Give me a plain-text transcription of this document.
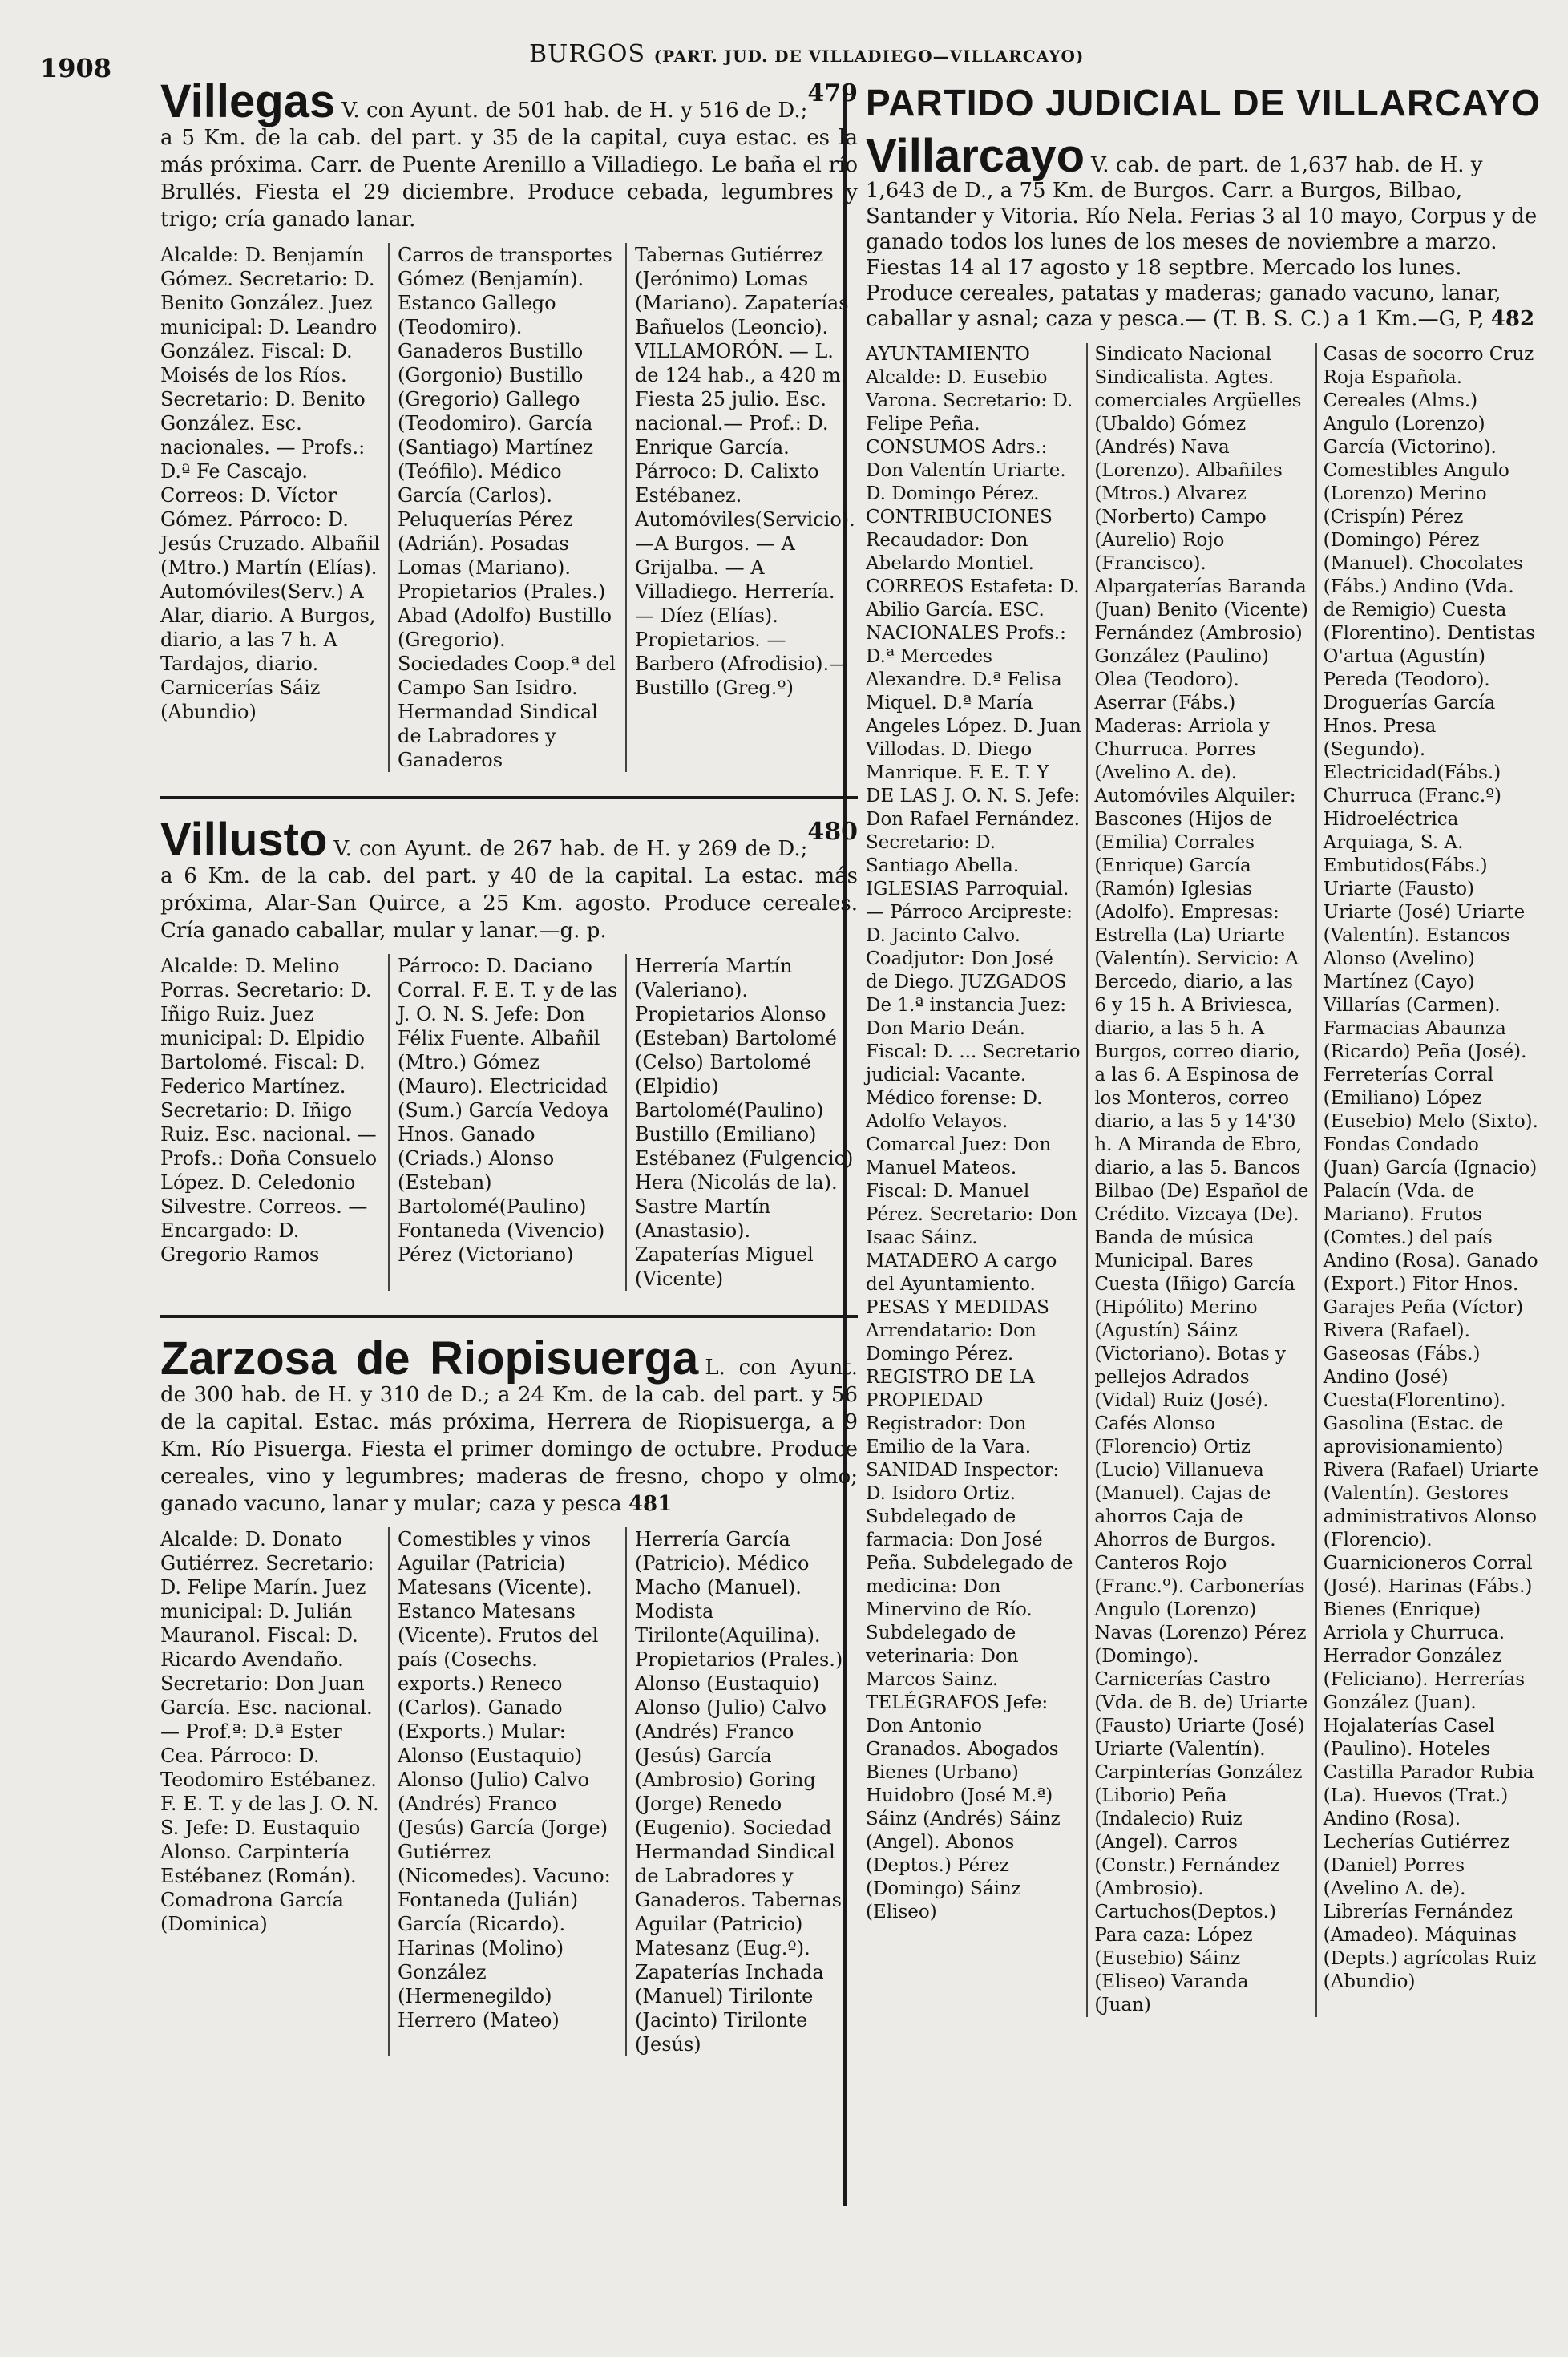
1908	BURGOS (PART. JUD. DE VILLADIEGO—VILLARCAYO)
479
Villegas V. con Ayunt. de 501 hab. de H. y 516 de D.; a 5 Km. de la cab. del part. y 35 de la capital, cuya estac. es la más próxima. Carr. de Puente Arenillo a Villadiego. Le baña el río Brullés. Fiesta el 29 diciembre. Produce cebada, legumbres y trigo; cría ganado lanar.
Alcalde: D. Benjamín Gómez. Secretario: D. Benito González. Juez municipal: D. Leandro González. Fiscal: D. Moisés de los Ríos. Secretario: D. Benito González. Esc. nacionales. — Profs.: D.ª Fe Cascajo. Correos: D. Víctor Gómez. Párroco: D. Jesús Cruzado. Albañil (Mtro.) Martín (Elías). Automóviles(Serv.) A Alar, diario. A Burgos, diario, a las 7 h. A Tardajos, diario. Carnicerías Sáiz (Abundio)
Carros de transportes Gómez (Benjamín). Estanco Gallego (Teodomiro). Ganaderos Bustillo (Gorgonio) Bustillo (Gregorio) Gallego (Teodomiro). García (Santiago) Martínez (Teófilo). Médico García (Carlos). Peluquerías Pérez (Adrián). Posadas Lomas (Mariano). Propietarios (Prales.) Abad (Adolfo) Bustillo (Gregorio). Sociedades Coop.ª del Campo San Isidro. Hermandad Sindical de Labradores y Ganaderos
Tabernas Gutiérrez (Jerónimo) Lomas (Mariano). Zapaterías Bañuelos (Leoncio). VILLAMORÓN. — L. de 124 hab., a 420 m. Fiesta 25 julio. Esc. nacional.— Prof.: D. Enrique García. Párroco: D. Calixto Estébanez. Automóviles(Servicio).—A Burgos. — A Grijalba. — A Villadiego. Herrería. — Díez (Elías). Propietarios. — Barbero (Afrodisio).—Bustillo (Greg.º)
480
Villusto V. con Ayunt. de 267 hab. de H. y 269 de D.; a 6 Km. de la cab. del part. y 40 de la capital. La estac. más próxima, Alar-San Quirce, a 25 Km. agosto. Produce cereales. Cría ganado caballar, mular y lanar.—g. p.
Alcalde: D. Melino Porras. Secretario: D. Iñigo Ruiz. Juez municipal: D. Elpidio Bartolomé. Fiscal: D. Federico Martínez. Secretario: D. Iñigo Ruiz. Esc. nacional. — Profs.: Doña Consuelo López. D. Celedonio Silvestre. Correos. — Encargado: D. Gregorio Ramos
Párroco: D. Daciano Corral. F. E. T. y de las J. O. N. S. Jefe: Don Félix Fuente. Albañil (Mtro.) Gómez (Mauro). Electricidad (Sum.) García Vedoya Hnos. Ganado (Criads.) Alonso (Esteban) Bartolomé(Paulino) Fontaneda (Vivencio) Pérez (Victoriano)
Herrería Martín (Valeriano). Propietarios Alonso (Esteban) Bartolomé (Celso) Bartolomé (Elpidio) Bartolomé(Paulino) Bustillo (Emiliano) Estébanez (Fulgencio) Hera (Nicolás de la). Sastre Martín (Anastasio). Zapaterías Miguel (Vicente)
Zarzosa de Riopisuerga L. con Ayunt. de 300 hab. de H. y 310 de D.; a 24 Km. de la cab. del part. y 56 de la capital. Estac. más próxima, Herrera de Riopisuerga, a 9 Km. Río Pisuerga. Fiesta el primer domingo de octubre. Produce cereales, vino y legumbres; maderas de fresno, chopo y olmo; ganado vacuno, lanar y mular; caza y pesca 481
Alcalde: D. Donato Gutiérrez. Secretario: D. Felipe Marín. Juez municipal: D. Julián Mauranol. Fiscal: D. Ricardo Avendaño. Secretario: Don Juan García. Esc. nacional. — Prof.ª: D.ª Ester Cea. Párroco: D. Teodomiro Estébanez. F. E. T. y de las J. O. N. S. Jefe: D. Eustaquio Alonso. Carpintería Estébanez (Román). Comadrona García (Dominica)
Comestibles y vinos Aguilar (Patricia) Matesans (Vicente). Estanco Matesans (Vicente). Frutos del país (Cosechs. exports.) Reneco (Carlos). Ganado (Exports.) Mular: Alonso (Eustaquio) Alonso (Julio) Calvo (Andrés) Franco (Jesús) García (Jorge) Gutiérrez (Nicomedes). Vacuno: Fontaneda (Julián) García (Ricardo). Harinas (Molino) González (Hermenegildo) Herrero (Mateo)
Herrería García (Patricio). Médico Macho (Manuel). Modista Tirilonte(Aquilina). Propietarios (Prales.) Alonso (Eustaquio) Alonso (Julio) Calvo (Andrés) Franco (Jesús) García (Ambrosio) Goring (Jorge) Renedo (Eugenio). Sociedad Hermandad Sindical de Labradores y Ganaderos. Tabernas Aguilar (Patricio) Matesanz (Eug.º). Zapaterías Inchada (Manuel) Tirilonte (Jacinto) Tirilonte (Jesús)
PARTIDO JUDICIAL DE VILLARCAYO
Villarcayo V. cab. de part. de 1,637 hab. de H. y 1,643 de D., a 75 Km. de Burgos. Carr. a Burgos, Bilbao, Santander y Vitoria. Río Nela. Ferias 3 al 10 mayo, Corpus y de ganado todos los lunes de los meses de noviembre a marzo. Fiestas 14 al 17 agosto y 18 septbre. Mercado los lunes. Produce cereales, patatas y maderas; ganado vacuno, lanar, caballar y asnal; caza y pesca.— (T. B. S. C.) a 1 Km.—G, P, 482
AYUNTAMIENTO Alcalde: D. Eusebio Varona. Secretario: D. Felipe Peña. CONSUMOS Adrs.: Don Valentín Uriarte. D. Domingo Pérez. CONTRIBUCIONES Recaudador: Don Abelardo Montiel. CORREOS Estafeta: D. Abilio García. ESC. NACIONALES Profs.: D.ª Mercedes Alexandre. D.ª Felisa Miquel. D.ª María Angeles López. D. Juan Villodas. D. Diego Manrique. F. E. T. Y DE LAS J. O. N. S. Jefe: Don Rafael Fernández. Secretario: D. Santiago Abella. IGLESIAS Parroquial. — Párroco Arcipreste: D. Jacinto Calvo. Coadjutor: Don José de Diego. JUZGADOS De 1.ª instancia Juez: Don Mario Deán. Fiscal: D. ... Secretario judicial: Vacante. Médico forense: D. Adolfo Velayos. Comarcal Juez: Don Manuel Mateos. Fiscal: D. Manuel Pérez. Secretario: Don Isaac Sáinz. MATADERO A cargo del Ayuntamiento. PESAS Y MEDIDAS Arrendatario: Don Domingo Pérez. REGISTRO DE LA PROPIEDAD Registrador: Don Emilio de la Vara. SANIDAD Inspector: D. Isidoro Ortiz. Subdelegado de farmacia: Don José Peña. Subdelegado de medicina: Don Minervino de Río. Subdelegado de veterinaria: Don Marcos Sainz. TELÉGRAFOS Jefe: Don Antonio Granados. Abogados Bienes (Urbano) Huidobro (José M.ª) Sáinz (Andrés) Sáinz (Angel). Abonos (Deptos.) Pérez (Domingo) Sáinz (Eliseo)
Sindicato Nacional Sindicalista. Agtes. comerciales Argüelles (Ubaldo) Gómez (Andrés) Nava (Lorenzo). Albañiles (Mtros.) Alvarez (Norberto) Campo (Aurelio) Rojo (Francisco). Alpargaterías Baranda (Juan) Benito (Vicente) Fernández (Ambrosio) González (Paulino) Olea (Teodoro). Aserrar (Fábs.) Maderas: Arriola y Churruca. Porres (Avelino A. de). Automóviles Alquiler: Bascones (Hijos de (Emilia) Corrales (Enrique) García (Ramón) Iglesias (Adolfo). Empresas: Estrella (La) Uriarte (Valentín). Servicio: A Bercedo, diario, a las 6 y 15 h. A Briviesca, diario, a las 5 h. A Burgos, correo diario, a las 6. A Espinosa de los Monteros, correo diario, a las 5 y 14'30 h. A Miranda de Ebro, diario, a las 5. Bancos Bilbao (De) Español de Crédito. Vizcaya (De). Banda de música Municipal. Bares Cuesta (Iñigo) García (Hipólito) Merino (Agustín) Sáinz (Victoriano). Botas y pellejos Adrados (Vidal) Ruiz (José). Cafés Alonso (Florencio) Ortiz (Lucio) Villanueva (Manuel). Cajas de ahorros Caja de Ahorros de Burgos. Canteros Rojo (Franc.º). Carbonerías Angulo (Lorenzo) Navas (Lorenzo) Pérez (Domingo). Carnicerías Castro (Vda. de B. de) Uriarte (Fausto) Uriarte (José) Uriarte (Valentín). Carpinterías González (Liborio) Peña (Indalecio) Ruiz (Angel). Carros (Constr.) Fernández (Ambrosio). Cartuchos(Deptos.) Para caza: López (Eusebio) Sáinz (Eliseo) Varanda (Juan)
Casas de socorro Cruz Roja Española. Cereales (Alms.) Angulo (Lorenzo) García (Victorino). Comestibles Angulo (Lorenzo) Merino (Crispín) Pérez (Domingo) Pérez (Manuel). Chocolates (Fábs.) Andino (Vda. de Remigio) Cuesta (Florentino). Dentistas O'artua (Agustín) Pereda (Teodoro). Droguerías García Hnos. Presa (Segundo). Electricidad(Fábs.) Churruca (Franc.º) Hidroeléctrica Arquiaga, S. A. Embutidos(Fábs.) Uriarte (Fausto) Uriarte (José) Uriarte (Valentín). Estancos Alonso (Avelino) Martínez (Cayo) Villarías (Carmen). Farmacias Abaunza (Ricardo) Peña (José). Ferreterías Corral (Emiliano) López (Eusebio) Melo (Sixto). Fondas Condado (Juan) García (Ignacio) Palacín (Vda. de Mariano). Frutos (Comtes.) del país Andino (Rosa). Ganado (Export.) Fitor Hnos. Garajes Peña (Víctor) Rivera (Rafael). Gaseosas (Fábs.) Andino (José) Cuesta(Florentino). Gasolina (Estac. de aprovisionamiento) Rivera (Rafael) Uriarte (Valentín). Gestores administrativos Alonso (Florencio). Guarnicioneros Corral (José). Harinas (Fábs.) Bienes (Enrique) Arriola y Churruca. Herrador González (Feliciano). Herrerías González (Juan). Hojalaterías Casel (Paulino). Hoteles Castilla Parador Rubia (La). Huevos (Trat.) Andino (Rosa). Lecherías Gutiérrez (Daniel) Porres (Avelino A. de). Librerías Fernández (Amadeo). Máquinas (Depts.) agrícolas Ruiz (Abundio)
